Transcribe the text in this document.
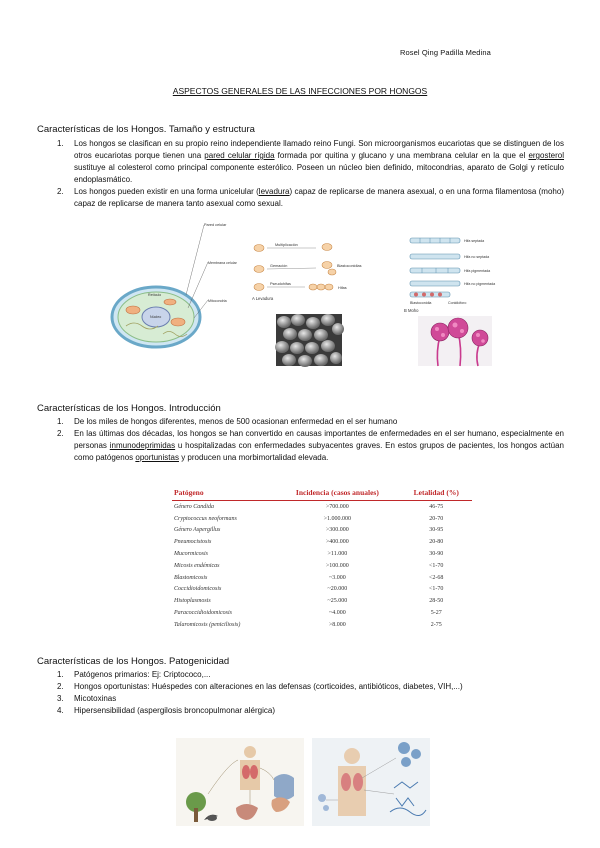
Rosel Qing Padilla Medina
ASPECTOS GENERALES DE LAS INFECCIONES POR HONGOS
Características de los Hongos. Tamaño y estructura
1. Los hongos se clasifican en su propio reino independiente llamado reino Fungi. Son microorganismos eucariotas que se distinguen de los otros eucariotas porque tienen una pared celular rígida formada por quitina y glucano y una membrana celular en la que el ergosterol sustituye al colesterol como principal componente esterólico. Poseen un núcleo bien definido, mitocondrias, aparato de Golgi y retículo endoplasmático.
2. Los hongos pueden existir en una forma unicelular (levadura) capaz de replicarse de manera asexual, o en una forma filamentosa (moho) capaz de replicarse de manera tanto asexual como sexual.
Pared celular
Retículo
Núcleo
Membrana celular
Mitocondria
Multiplicación
Gemación	Blastoconidias
Pseudohifas
Hifas
A Levadura
Hifa septada
Hifa no septada
Hifa pigmentada
Hifa no pigmentada
Blastoconidia	Conidióforo
B Moho
Características de los Hongos. Introducción
1. De los miles de hongos diferentes, menos de 500 ocasionan enfermedad en el ser humano
2. En las últimas dos décadas, los hongos se han convertido en causas importantes de enfermedades en el ser humano, especialmente en personas inmunodeprimidas u hospitalizadas con enfermedades subyacentes graves. En estos grupos de pacientes, los hongos actúan como patógenos oportunistas y producen una morbimortalidad elevada.
Patógeno	Incidencia (casos anuales)	Letalidad (%)
Género Candida	>700.000	46-75
Cryptococcus neoformans	>1.000.000	20-70
Género Aspergillus	>300.000	30-95
Pneumocistosis	>400.000	20-80
Mucormicosis	>11.000	30-90
Micosis endémicas	>100.000	<1-70
Blastomicosis	~3.000	<2-68
Coccidioidomicosis	~20.000	<1-70
Histoplasmosis	~25.000	28-50
Paracoccidioidomicosis	~4.000	5-27
Talaromicosis (peniciliosis)	>8.000	2-75
Características de los Hongos. Patogenicidad
1. Patógenos primarios: Ej: Criptococo,...
2. Hongos oportunistas: Huéspedes con alteraciones en las defensas (corticoides, antibióticos, diabetes, VIH,...)
3. Micotoxinas
4. Hipersensibilidad (aspergilosis broncopulmonar alérgica)
